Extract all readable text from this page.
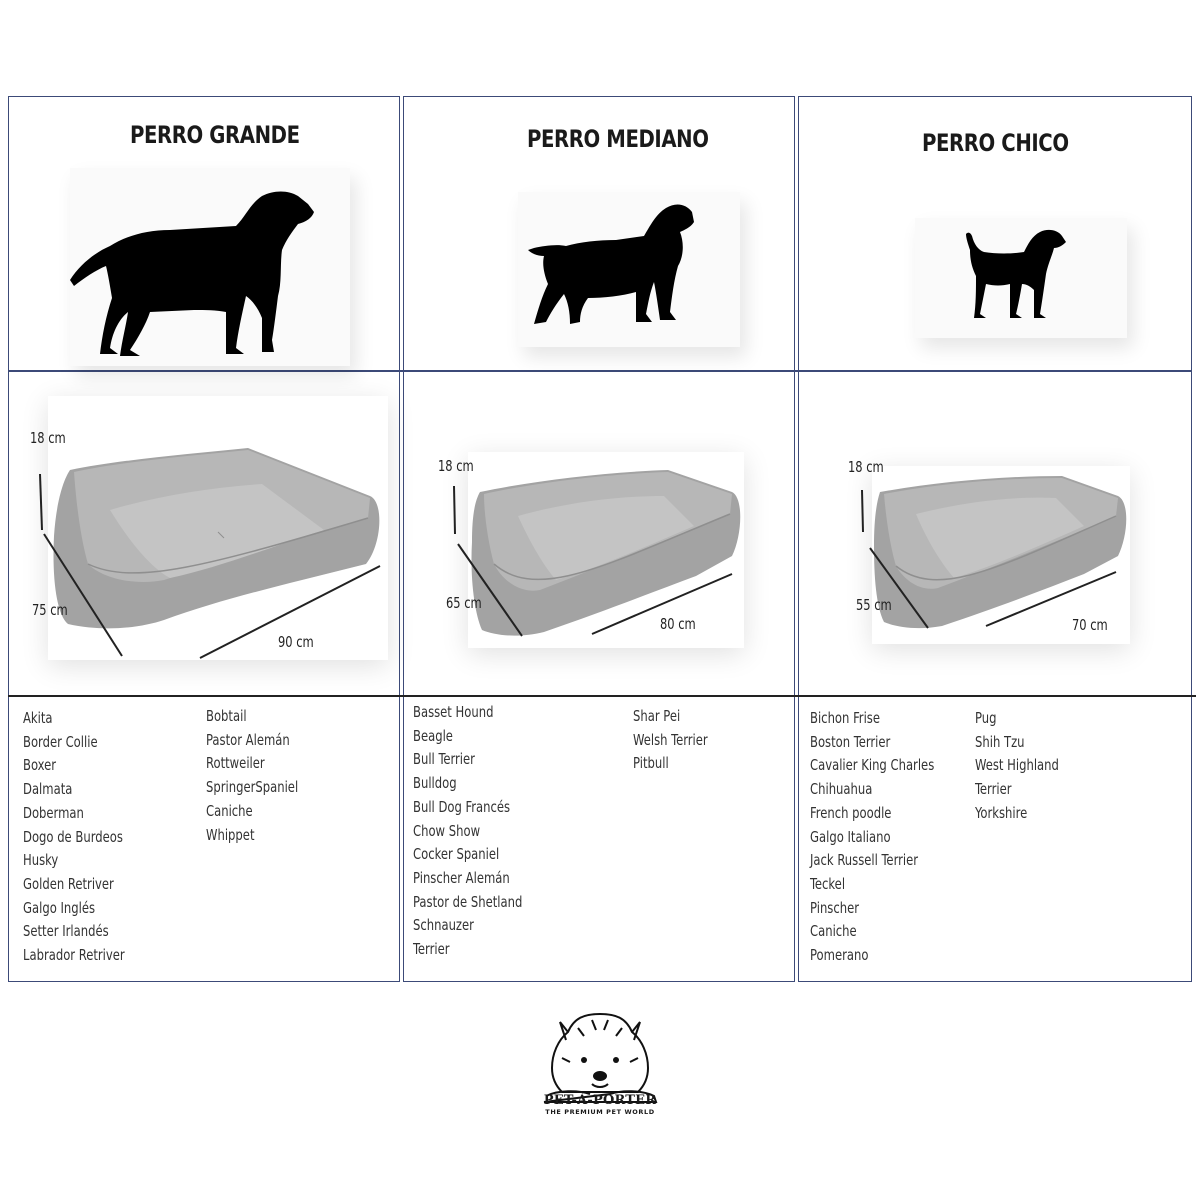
PERRO GRANDE	PERRO MEDIANO	PERRO CHICO
18 cm
75 cm
90 cm
18 cm
65 cm
80 cm
18 cm
55 cm
70 cm
Akita
Border Collie
Boxer
Dalmata
Doberman
Dogo de Burdeos
Husky
Golden Retriver
Galgo Inglés
Setter Irlandés
Labrador Retriver
Bobtail
Pastor Alemán
Rottweiler
SpringerSpaniel
Caniche
Whippet
Basset Hound
Beagle
Bull Terrier
Bulldog
Bull Dog Francés
Chow Show
Cocker Spaniel
Pinscher Alemán
Pastor de Shetland
Schnauzer
Terrier
Shar Pei
Welsh Terrier
Pitbull
Bichon Frise
Boston Terrier
Cavalier King Charles
Chihuahua
French poodle
Galgo Italiano
Jack Russell Terrier
Teckel
Pinscher
Caniche
Pomerano
Pug
Shih Tzu
West Highland
Terrier
Yorkshire
PET-À-PORTER
THE PREMIUM PET WORLD
